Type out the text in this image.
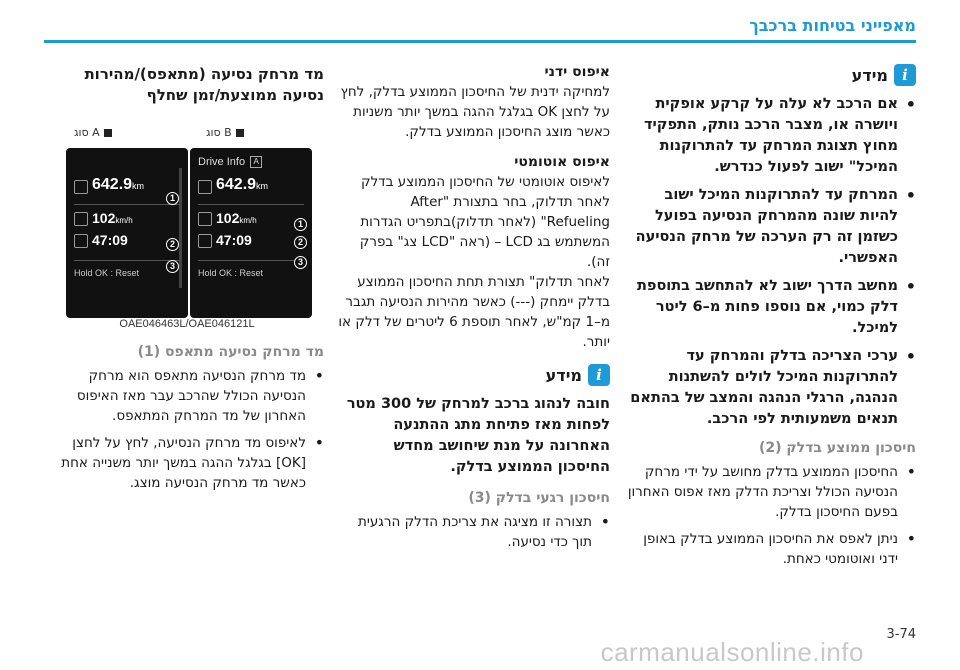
מאפייני בטיחות ברכבך
i
מידע
• אם הרכב לא עלה על קרקע אופקית ויושרה או, מצבר הרכב נותק, התפקיד מחוץ תצוגת המרחק עד להתרוקנות המיכל" ישוב לפעול כנדרש.
• המרחק עד להתרוקנות המיכל ישוב להיות שונה מהמרחק הנסיעה בפועל כשזמן זה רק הערכה של מרחק הנסיעה האפשרי.
• מחשב הדרך ישוב לא להתחשב בתוספת דלק כמוי, אם נוספו פחות מ–6 ליטר למיכל.
• ערכי הצריכה בדלק והמרחק עד להתרוקנות המיכל לולים להשתנות הנהגה, הרגלי הנהגה והמצב של בהתאם תנאים משמעותית לפי הרכב.
חיסכון ממוצע בדלק (2)
• החיסכון הממוצע בדלק מחושב על ידי מרחק הנסיעה הכולל וצריכת הדלק מאז אפוס האחרון בפעם החיסכון בדלק.
• ניתן לאפס את החיסכון הממוצע בדלק באופן ידני ואוטומטי כאחת.
איפוס ידני

למחיקה ידנית של החיסכון הממוצע בדלק, לחץ על לחצן OK בגלגל ההגה במשך יותר משניות כאשר מוצג החיסכון הממוצע בדלק.

איפוס אוטומטי

לאיפוס אוטומטי של החיסכון הממוצע בדלק לאחר תדלוק, בחר בתצורת "After Refueling" (לאחר תדלוק)בתפריט הגדרות המשתמש בג LCD – (ראה "LCD צג" בפרק זה).

לאחר תדלוק" תצורת תחת החיסכון הממוצע בדלק יימחק (---) כאשר מהירות הנסיעה תגבר מ–1 קמ"ש, לאחר תוספת 6 ליטרים של דלק או יותר.

i
מידע

חובה לנהוג ברכב למרחק של 300 מטר לפחות מאז פתיחת מתג ההתנעה האחרונה על מנת שיחושב מחדש החיסכון הממוצע בדלק.

חיסכון רגעי בדלק (3)
• תצורה זו מציגה את צריכת הדלק הרגעית תוך כדי נסיעה.
מד מרחק נסיעה (מתאפס)/מהירות נסיעה ממוצעת/זמן שחלף
B סוג
A סוג
642.9km
102km/h
47:09
Hold OK : Reset
Drive Info A
642.9km
102km/h
47:09
Hold OK : Reset
1
2
3
1
2
3
OAE046463L/OAE046121L
מד מרחק נסיעה מתאפס (1)
• מד מרחק הנסיעה מתאפס הוא מרחק הנסיעה הכולל שהרכב עבר מאז האיפוס האחרון של מד המרחק המתאפס.
• לאיפוס מד מרחק הנסיעה, לחץ על לחצן [OK] בגלגל ההגה במשך יותר משנייה אחת כאשר מד מרחק הנסיעה מוצג.
3-74
carmanualsonline.info
